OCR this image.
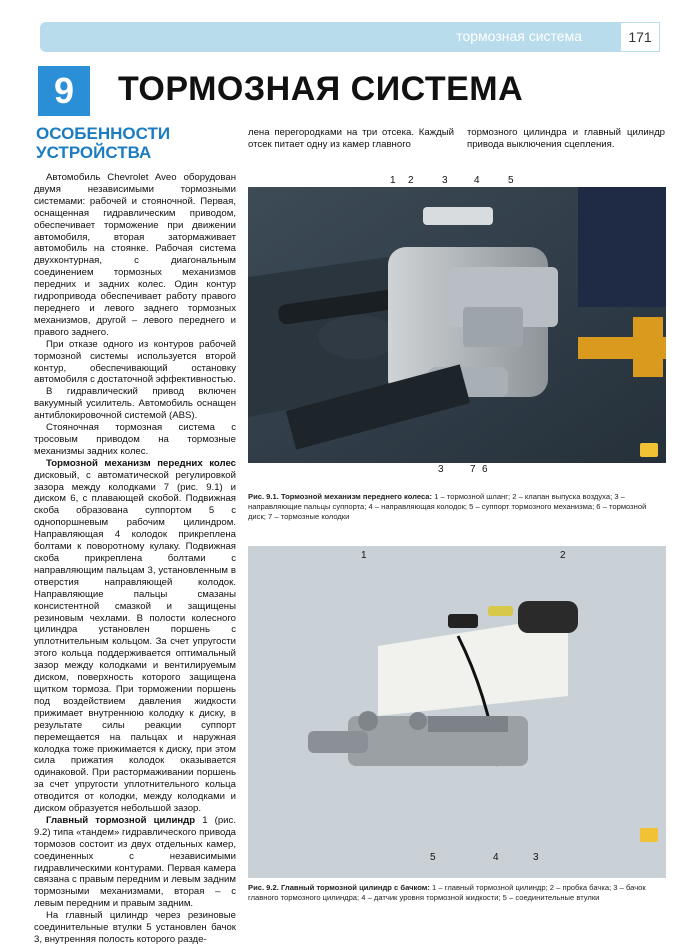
тормозная система	171
9	ТОРМОЗНАЯ СИСТЕМА
ОСОБЕННОСТИ УСТРОЙСТВА

Автомобиль Chevrolet Aveo оборудован двумя независимыми тормозными системами: рабочей и стояночной. Первая, оснащенная гидравлическим приводом, обеспечивает торможение при движении автомобиля, вторая затормаживает автомобиль на стоянке. Рабочая система двухконтурная, с диагональным соединением тормозных механизмов передних и задних колес. Один контур гидропривода обеспечивает работу правого переднего и левого заднего тормозных механизмов, другой – левого переднего и правого заднего.

При отказе одного из контуров рабочей тормозной системы используется второй контур, обеспечивающий остановку автомобиля с достаточной эффективностью.

В гидравлический привод включен вакуумный усилитель. Автомобиль оснащен антиблокировочной системой (ABS).

Стояночная тормозная система с тросовым приводом на тормозные механизмы задних колес.

Тормозной механизм передних колес дисковый, с автоматической регулировкой зазора между колодками 7 (рис. 9.1) и диском 6, с плавающей скобой. Подвижная скоба образована суппортом 5 с однопоршневым рабочим цилиндром. Направляющая 4 колодок прикреплена болтами к поворотному кулаку. Подвижная скоба прикреплена болтами с направляющим пальцам 3, установленным в отверстия направляющей колодок. Направляющие пальцы смазаны консистентной смазкой и защищены резиновым чехлами. В полости колесного цилиндра установлен поршень с уплотнительным кольцом. За счет упругости этого кольца поддерживается оптимальный зазор между колодками и вентилируемым диском, поверхность которого защищена щитком тормоза. При торможении поршень под воздействием давления жидкости прижимает внутреннюю колодку к диску, в результате силы реакции суппорт перемещается на пальцах и наружная колодка тоже прижимается к диску, при этом сила прижатия колодок оказывается одинаковой. При растормаживании поршень за счет упругости уплотнительного кольца отводится от колодки, между колодками и диском образуется небольшой зазор.

Главный тормозной цилиндр 1 (рис. 9.2) типа «тандем» гидравлического привода тормозов состоит из двух отдельных камер, соединенных с независимыми гидравлическими контурами. Первая камера связана с правым передним и левым задним тормозными механизмами, вторая – с левым передним и правым задним.

На главный цилиндр через резиновые соединительные втулки 5 установлен бачок 3, внутренняя полость которого разде-

лена перегородками на три отсека. Каждый отсек питает одну из камер главного

тормозного цилиндра и главный цилиндр привода выключения сцепления.

1 2	3	4	5
3	7 6
Рис. 9.1. Тормозной механизм переднего колеса: 1 – тормозной шланг; 2 – клапан выпуска воздуха; 3 – направляющие пальцы суппорта; 4 – направляющая колодок; 5 – суппорт тормозного механизма; 6 – тормозной диск; 7 – тормозные колодки
1	2
5	4	3
Рис. 9.2. Главный тормозной цилиндр с бачком: 1 – главный тормозной цилиндр; 2 – пробка бачка; 3 – бачок главного тормозного цилиндра; 4 – датчик уровня тормозной жидкости; 5 – соединительные втулки
